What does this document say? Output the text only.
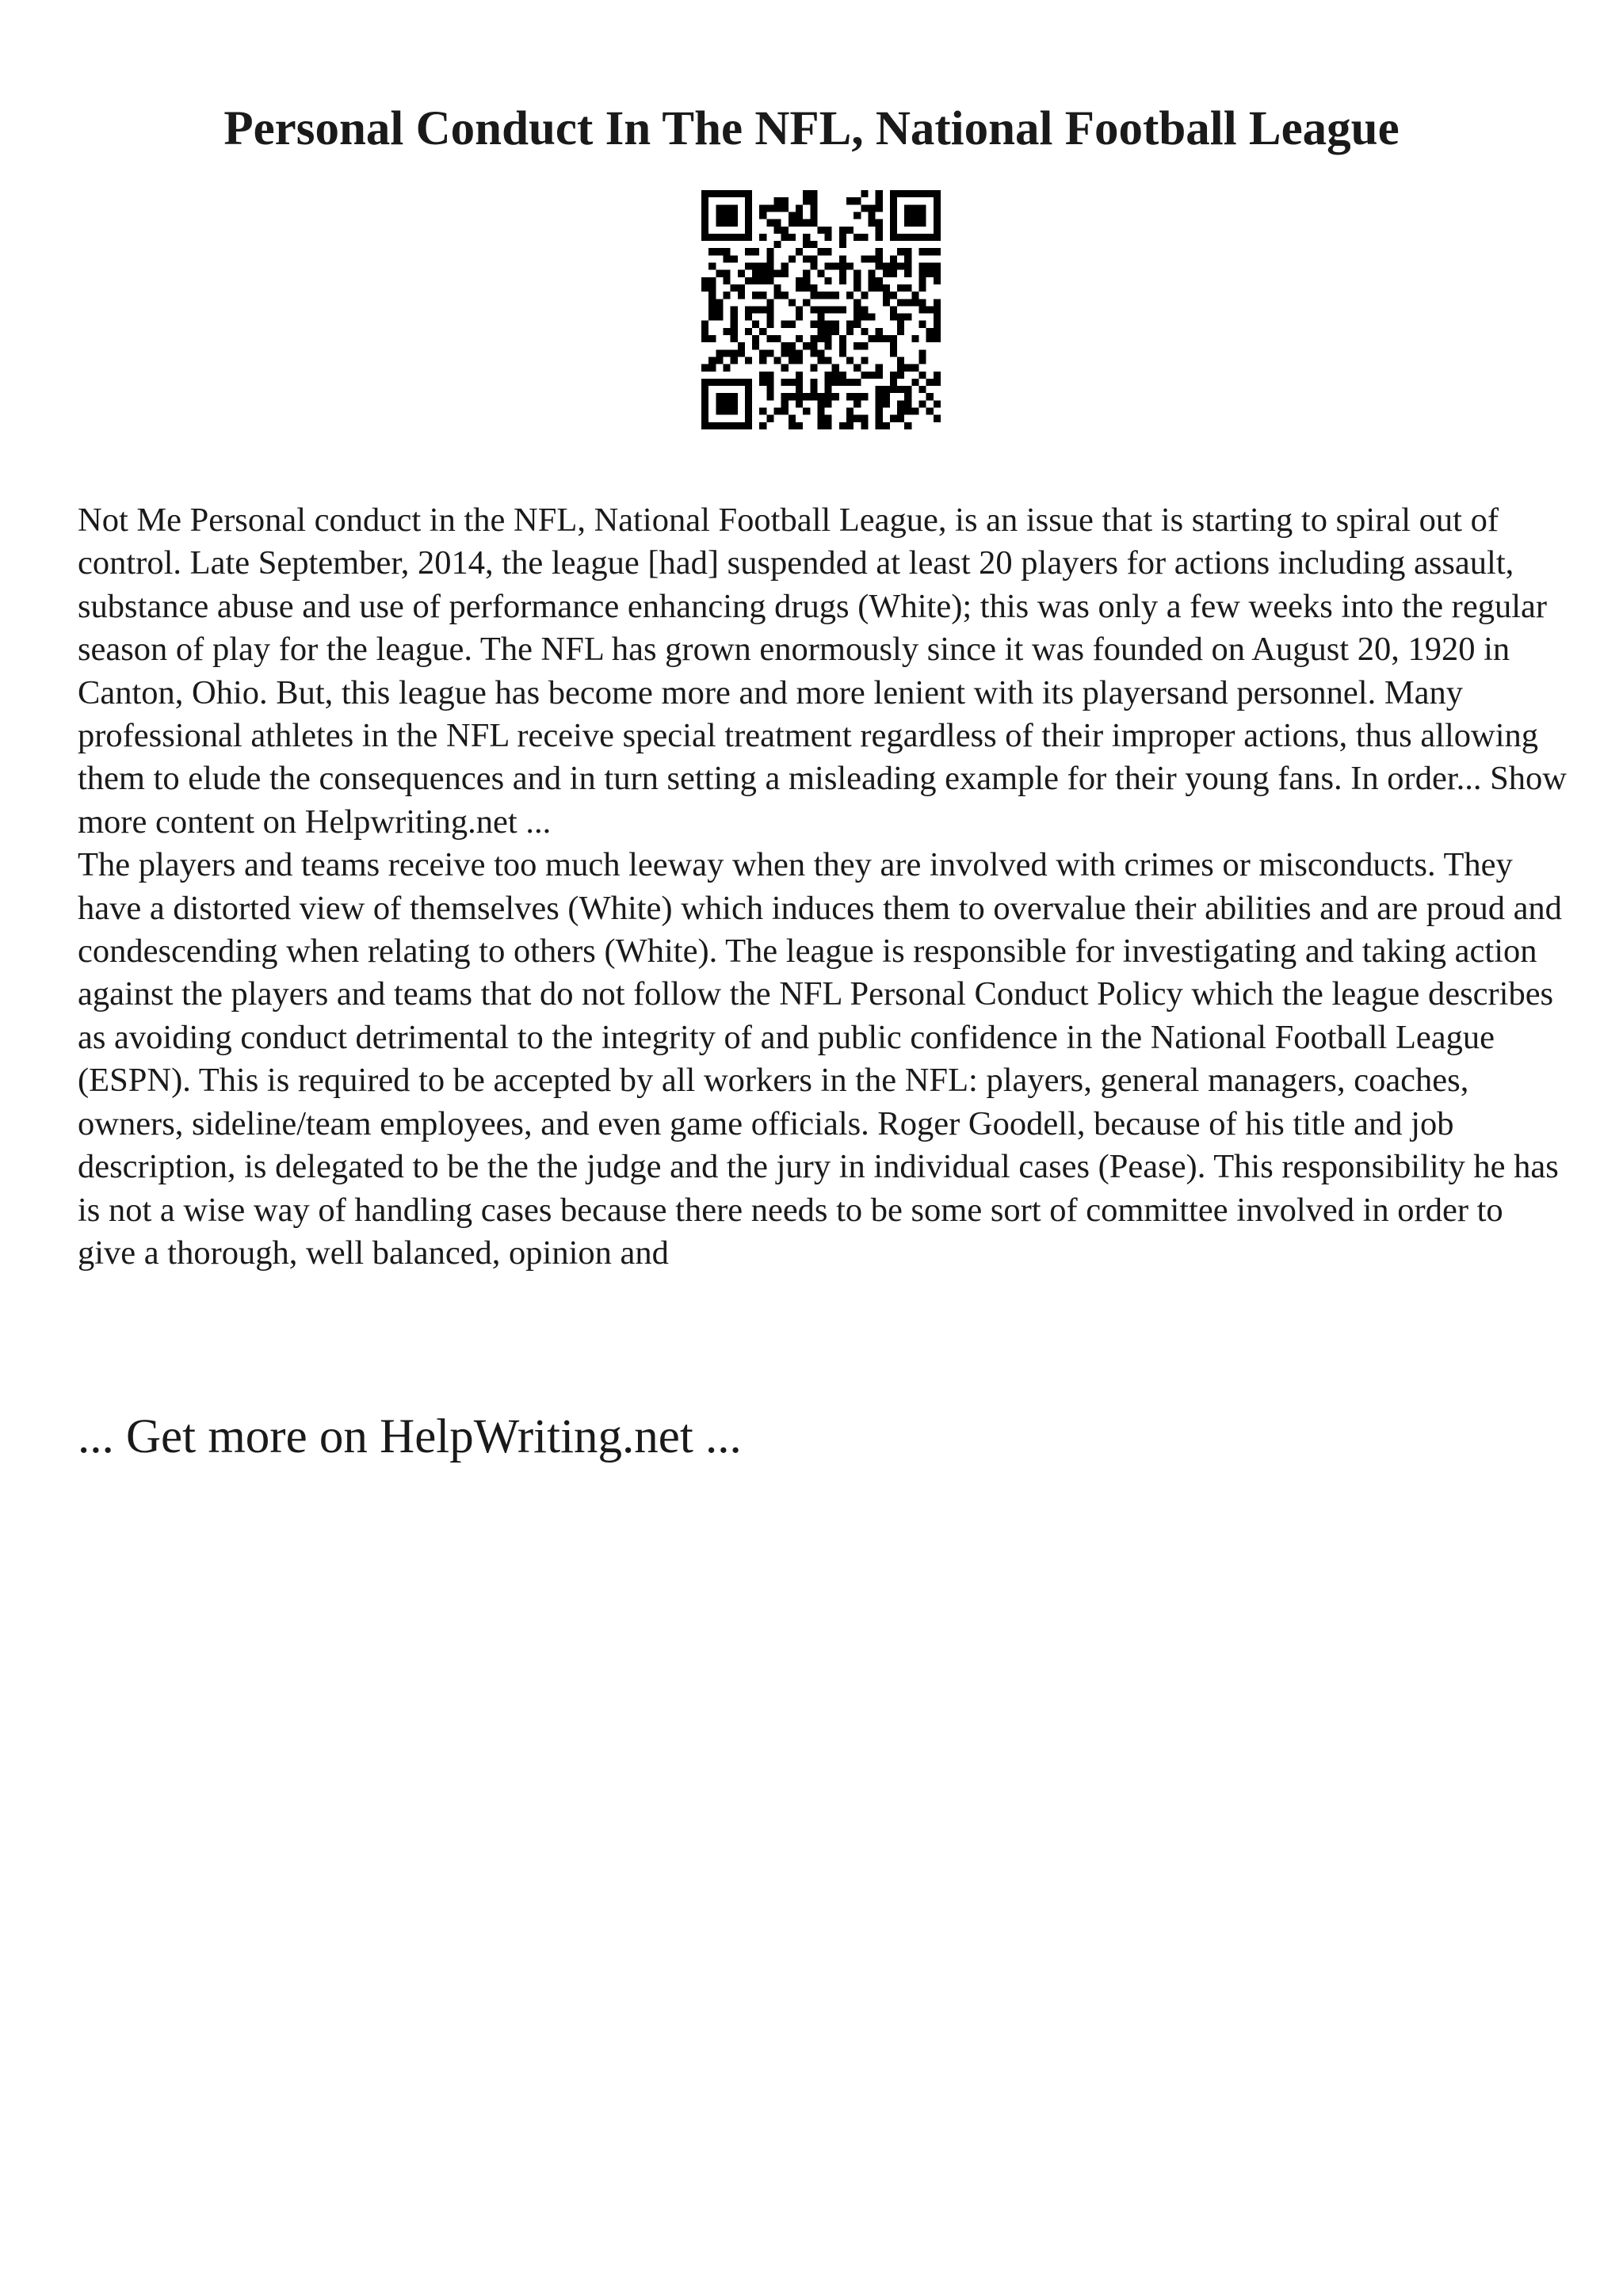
Personal Conduct In The NFL, National Football League

Not Me Personal conduct in the NFL, National Football League, is an issue that is starting to spiral out of control. Late September, 2014, the league [had] suspended at least 20 players for actions including assault, substance abuse and use of performance enhancing drugs (White); this was only a few weeks into the regular season of play for the league. The NFL has grown enormously since it was founded on August 20, 1920 in Canton, Ohio. But, this league has become more and more lenient with its playersand personnel. Many professional athletes in the NFL receive special treatment regardless of their improper actions, thus allowing them to elude the consequences and in turn setting a misleading example for their young fans. In order... Show more content on Helpwriting.net ...

The players and teams receive too much leeway when they are involved with crimes or misconducts. They have a distorted view of themselves (White) which induces them to overvalue their abilities and are proud and condescending when relating to others (White). The league is responsible for investigating and taking action against the players and teams that do not follow the NFL Personal Conduct Policy which the league describes as avoiding conduct detrimental to the integrity of and public confidence in the National Football League (ESPN). This is required to be accepted by all workers in the NFL: players, general managers, coaches, owners, sideline/team employees, and even game officials. Roger Goodell, because of his title and job description, is delegated to be the the judge and the jury in individual cases (Pease). This responsibility he has is not a wise way of handling cases because there needs to be some sort of committee involved in order to give a thorough, well balanced, opinion and

... Get more on HelpWriting.net ...
